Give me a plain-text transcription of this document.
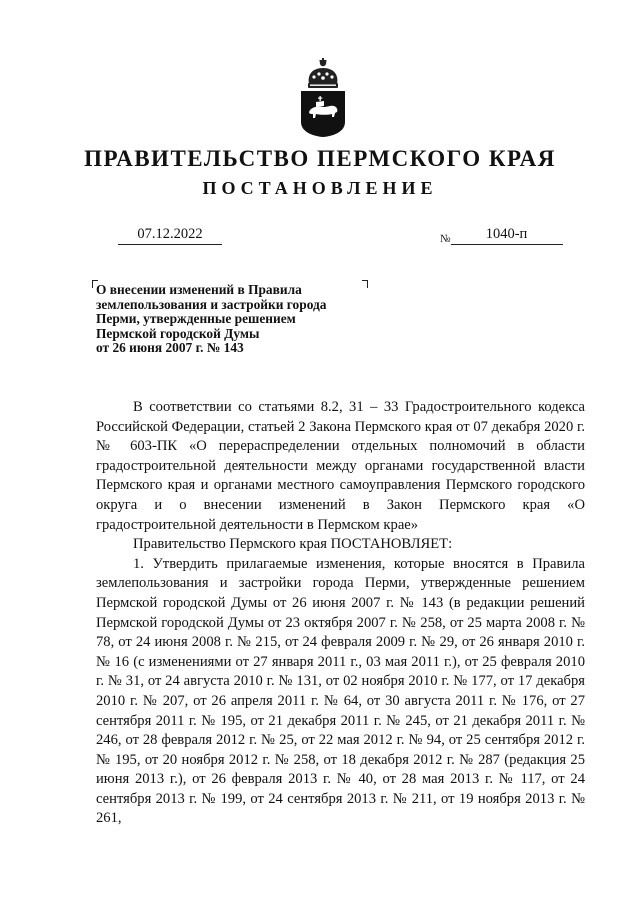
ПРАВИТЕЛЬСТВО ПЕРМСКОГО КРАЯ
ПОСТАНОВЛЕНИЕ
07.12.2022	№ 1040-п
О внесении изменений в Правила
землепользования и застройки города
Перми, утвержденные решением
Пермской городской Думы
от 26 июня 2007 г. № 143

В соответствии со статьями 8.2, 31 – 33 Градостроительного кодекса Российской Федерации, статьей 2 Закона Пермского края от 07 декабря 2020 г. № 603-ПК «О перераспределении отдельных полномочий в области градостроительной деятельности между органами государственной власти Пермского края и органами местного самоуправления Пермского городского округа и о внесении изменений в Закон Пермского края «О градостроительной деятельности в Пермском крае»

Правительство Пермского края ПОСТАНОВЛЯЕТ:

1. Утвердить прилагаемые изменения, которые вносятся в Правила землепользования и застройки города Перми, утвержденные решением Пермской городской Думы от 26 июня 2007 г. № 143 (в редакции решений Пермской городской Думы от 23 октября 2007 г. № 258, от 25 марта 2008 г. № 78, от 24 июня 2008 г. № 215, от 24 февраля 2009 г. № 29, от 26 января 2010 г. № 16 (с изменениями от 27 января 2011 г., 03 мая 2011 г.), от 25 февраля 2010 г. № 31, от 24 августа 2010 г. № 131, от 02 ноября 2010 г. № 177, от 17 декабря 2010 г. № 207, от 26 апреля 2011 г. № 64, от 30 августа 2011 г. № 176, от 27 сентября 2011 г. № 195, от 21 декабря 2011 г. № 245, от 21 декабря 2011 г. № 246, от 28 февраля 2012 г. № 25, от 22 мая 2012 г. № 94, от 25 сентября 2012 г. № 195, от 20 ноября 2012 г. № 258, от 18 декабря 2012 г. № 287 (редакция 25 июня 2013 г.), от 26 февраля 2013 г. № 40, от 28 мая 2013 г. № 117, от 24 сентября 2013 г. № 199, от 24 сентября 2013 г. № 211, от 19 ноября 2013 г. № 261,
